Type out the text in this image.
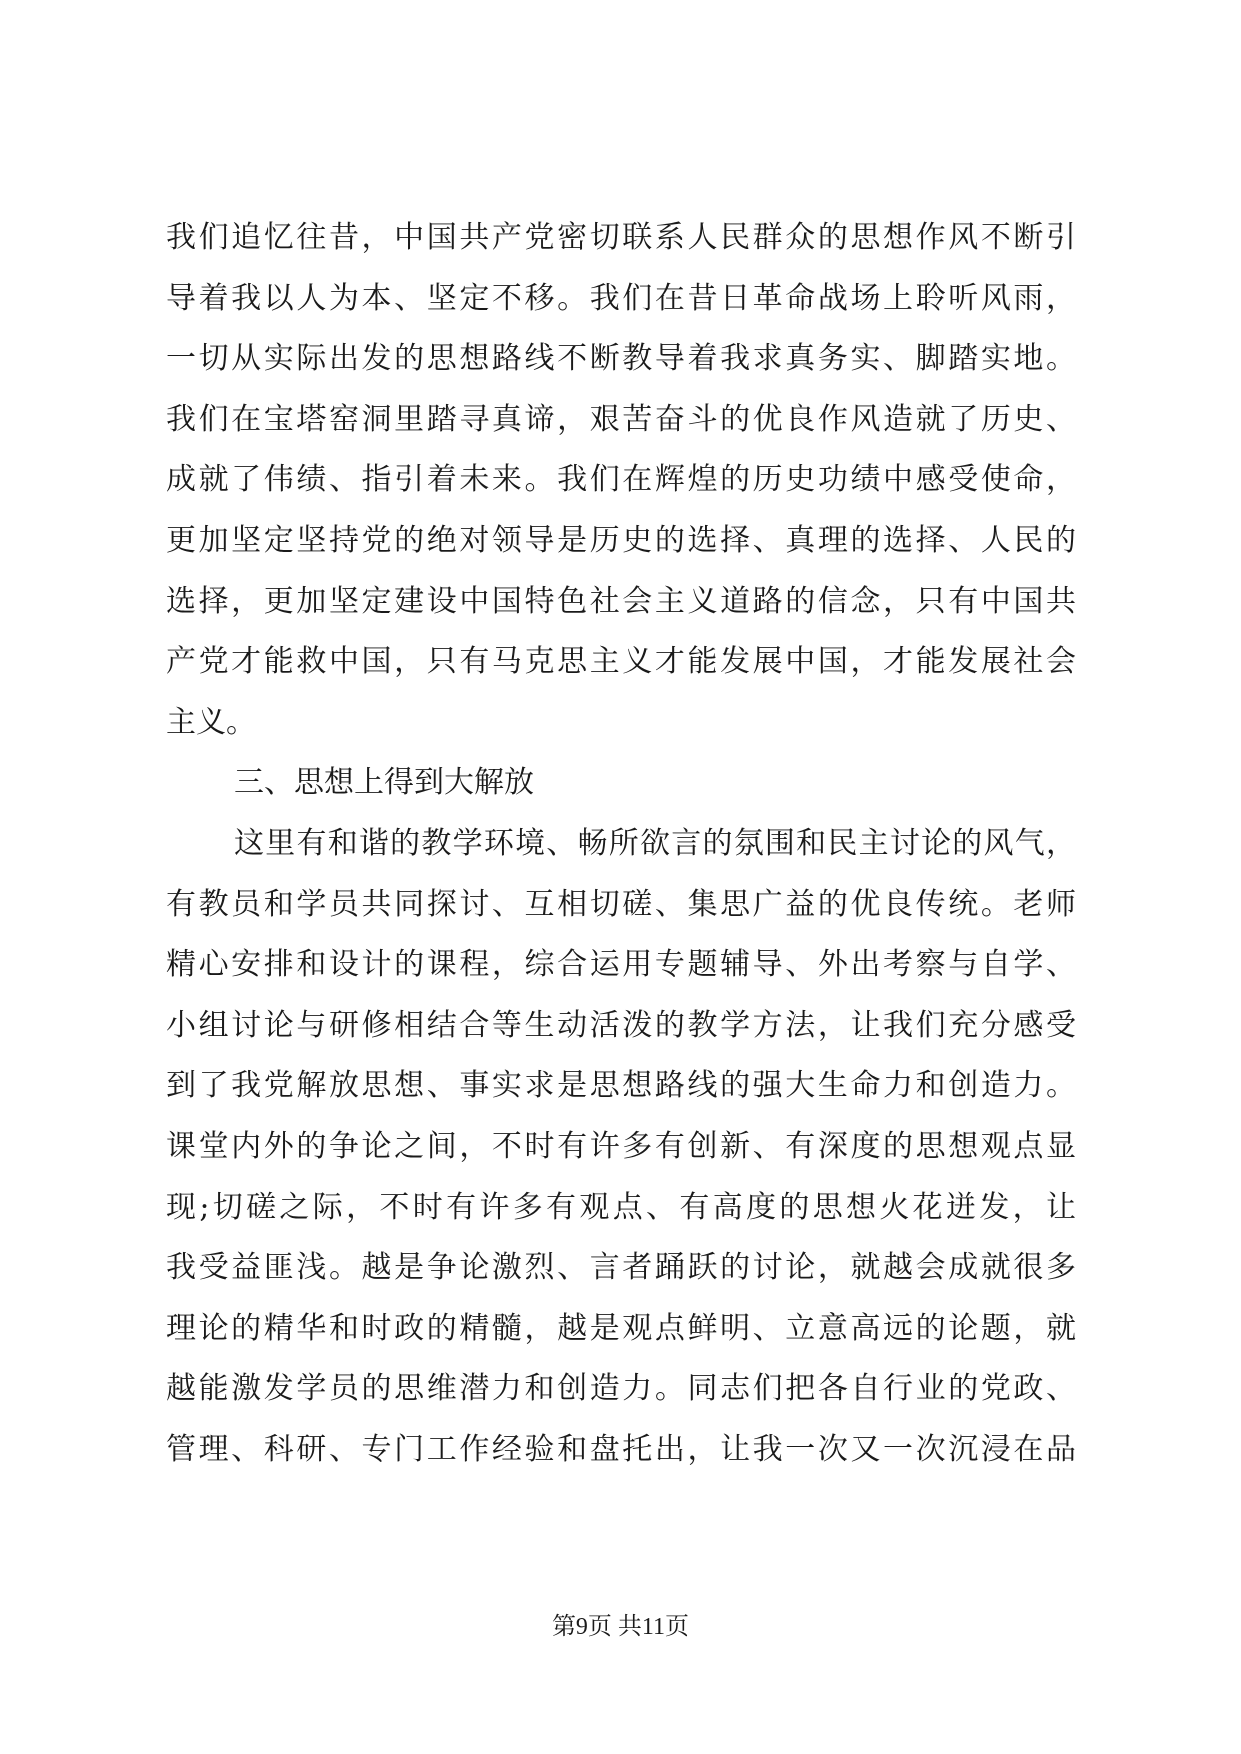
我们追忆往昔，中国共产党密切联系人民群众的思想作风不断引
导着我以人为本、坚定不移。我们在昔日革命战场上聆听风雨，
一切从实际出发的思想路线不断教导着我求真务实、脚踏实地。
我们在宝塔窑洞里踏寻真谛，艰苦奋斗的优良作风造就了历史、
成就了伟绩、指引着未来。我们在辉煌的历史功绩中感受使命，
更加坚定坚持党的绝对领导是历史的选择、真理的选择、人民的
选择，更加坚定建设中国特色社会主义道路的信念，只有中国共
产党才能救中国，只有马克思主义才能发展中国，才能发展社会
主义。
三、思想上得到大解放
这里有和谐的教学环境、畅所欲言的氛围和民主讨论的风气，
有教员和学员共同探讨、互相切磋、集思广益的优良传统。老师
精心安排和设计的课程，综合运用专题辅导、外出考察与自学、
小组讨论与研修相结合等生动活泼的教学方法，让我们充分感受
到了我党解放思想、事实求是思想路线的强大生命力和创造力。
课堂内外的争论之间，不时有许多有创新、有深度的思想观点显
现;切磋之际，不时有许多有观点、有高度的思想火花迸发，让
我受益匪浅。越是争论激烈、言者踊跃的讨论，就越会成就很多
理论的精华和时政的精髓，越是观点鲜明、立意高远的论题，就
越能激发学员的思维潜力和创造力。同志们把各自行业的党政、
管理、科研、专门工作经验和盘托出，让我一次又一次沉浸在品
第9页 共11页
